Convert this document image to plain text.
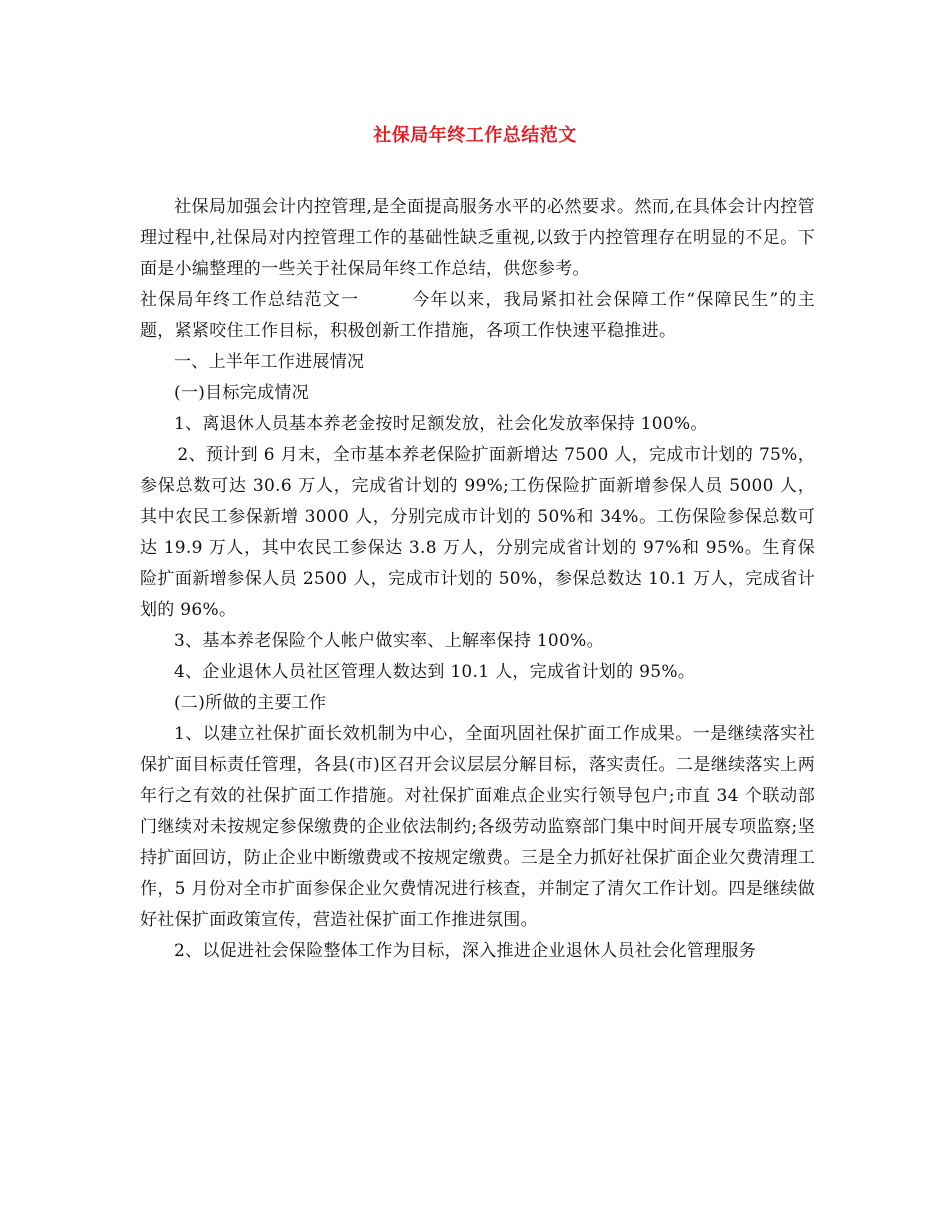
社保局年终工作总结范文

社保局加强会计内控管理,是全面提高服务水平的必然要求。然而,在具体会计内控管理过程中,社保局对内控管理工作的基础性缺乏重视,以致于内控管理存在明显的不足。下面是小编整理的一些关于社保局年终工作总结，供您参考。

社保局年终工作总结范文一	今年以来，我局紧扣社会保障工作“保障民生”的主题，紧紧咬住工作目标，积极创新工作措施，各项工作快速平稳推进。

一、上半年工作进展情况

(一)目标完成情况

1、离退休人员基本养老金按时足额发放，社会化发放率保持 100%。

2、预计到 6 月末，全市基本养老保险扩面新增达 7500 人，完成市计划的 75%，参保总数可达 30.6 万人，完成省计划的 99%;工伤保险扩面新增参保人员 5000 人，其中农民工参保新增 3000 人，分别完成市计划的 50%和 34%。工伤保险参保总数可达 19.9 万人，其中农民工参保达 3.8 万人，分别完成省计划的 97%和 95%。生育保险扩面新增参保人员 2500 人，完成市计划的 50%，参保总数达 10.1 万人，完成省计划的 96%。

3、基本养老保险个人帐户做实率、上解率保持 100%。

4、企业退休人员社区管理人数达到 10.1 人，完成省计划的 95%。

(二)所做的主要工作

1、以建立社保扩面长效机制为中心，全面巩固社保扩面工作成果。一是继续落实社保扩面目标责任管理，各县(市)区召开会议层层分解目标，落实责任。二是继续落实上两年行之有效的社保扩面工作措施。对社保扩面难点企业实行领导包户;市直 34 个联动部门继续对未按规定参保缴费的企业依法制约;各级劳动监察部门集中时间开展专项监察;坚持扩面回访，防止企业中断缴费或不按规定缴费。三是全力抓好社保扩面企业欠费清理工作，5 月份对全市扩面参保企业欠费情况进行核查，并制定了清欠工作计划。四是继续做好社保扩面政策宣传，营造社保扩面工作推进氛围。

2、以促进社会保险整体工作为目标，深入推进企业退休人员社会化管理服务
